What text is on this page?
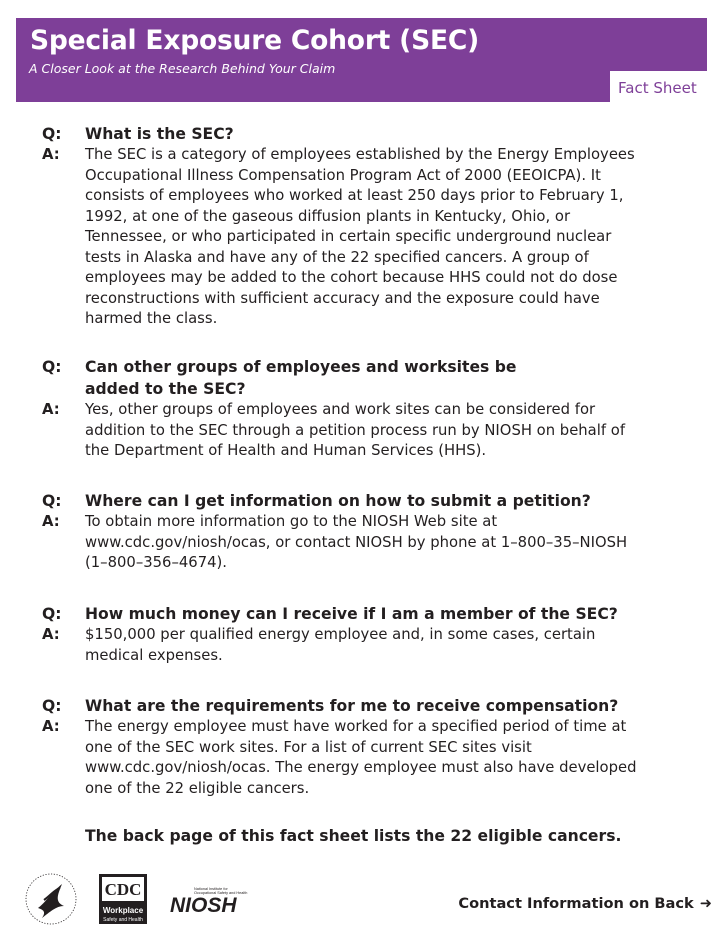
Special Exposure Cohort (SEC)
A Closer Look at the Research Behind Your Claim
Fact Sheet
Q: What is the SEC?
A: The SEC is a category of employees established by the Energy Employees
Occupational Illness Compensation Program Act of 2000 (EEOICPA). It
consists of employees who worked at least 250 days prior to February 1,
1992, at one of the gaseous diffusion plants in Kentucky, Ohio, or
Tennessee, or who participated in certain specific underground nuclear
tests in Alaska and have any of the 22 specified cancers. A group of
employees may be added to the cohort because HHS could not do dose
reconstructions with sufficient accuracy and the exposure could have
harmed the class.
Q: Can other groups of employees and worksites be
added to the SEC?
A: Yes, other groups of employees and work sites can be considered for
addition to the SEC through a petition process run by NIOSH on behalf of
the Department of Health and Human Services (HHS).
Q: Where can I get information on how to submit a petition?
A: To obtain more information go to the NIOSH Web site at
www.cdc.gov/niosh/ocas, or contact NIOSH by phone at 1–800–35–NIOSH
(1–800–356–4674).
Q: How much money can I receive if I am a member of the SEC?
A: $150,000 per qualified energy employee and, in some cases, certain
medical expenses.
Q: What are the requirements for me to receive compensation?
A: The energy employee must have worked for a specified period of time at
one of the SEC work sites. For a list of current SEC sites visit
www.cdc.gov/niosh/ocas. The energy employee must also have developed
one of the 22 eligible cancers.
The back page of this fact sheet lists the 22 eligible cancers.
CDC
Workplace
Safety and Health
National Institute for
Occupational Safety and Health
NIOSH	Contact Information on Back ➜
